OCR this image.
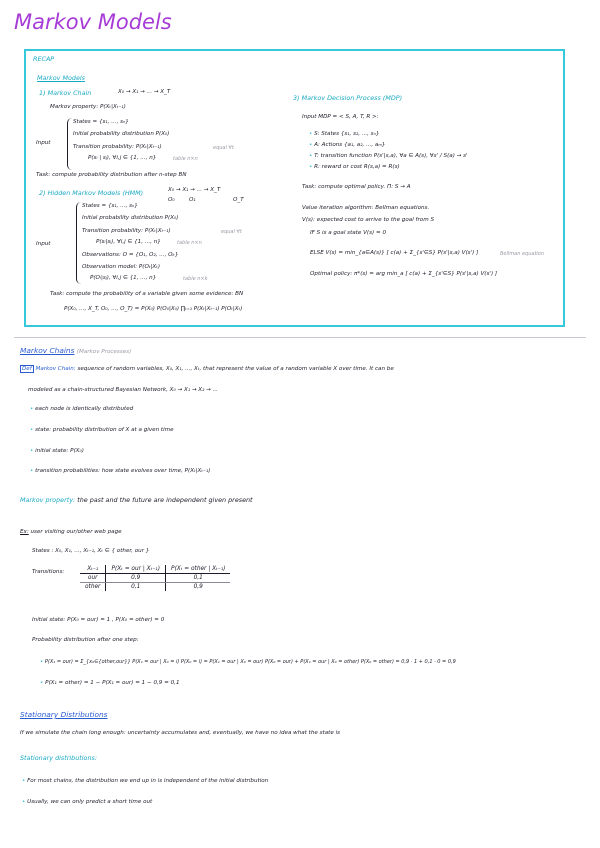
Markov Models
RECAP
Markov Models
1) Markov Chain	X₀ → X₁ → ... → X_T
Markov property: P(Xₜ|Xₜ₋₁)
Input
States = {s₁, ..., sₙ}
Initial probability distribution P(X₀)
Transition probability: P(Xₜ|Xₜ₋₁)	equal ∀t
P(sᵢ | sⱼ), ∀i,j ∈ {1, ..., n}	table n×n
Task: compute probability distribution after n-step BN
2) Hidden Markov Models (HMM)	X₀ → X₁ → ... → X_T
O₀	O₁	O_T
Input
States = {s₁, ..., sₙ}
Initial probability distribution P(X₀)
Transition probability: P(Xₜ|Xₜ₋₁)	equal ∀t
P(sᵢ|sⱼ), ∀i,j ∈ {1, ..., n}	table n×n
Observations: O = {O₁, O₂, ..., Oₖ}
Observation model: P(Oₜ|Xₜ)
P(Oᵢ|sⱼ), ∀i,j ∈ {1, ..., n}	table n×k
Task: compute the probability of a variable given some evidence: BN
P(X₀, ..., X_T, O₀, ..., O_T) = P(X₀) P(O₀|X₀) ∏ₜ₌₁ P(Xₜ|Xₜ₋₁) P(Oₜ|Xₜ)
3) Markov Decision Process (MDP)
Input MDP = < S, A, T, R >:
• S: States {s₁, s₂, ..., sₙ}
• A: Actions {a₁, a₂, ..., aₘ}
• T: transition function P(s'|s,a), ∀a ∈ A(s), ∀s' / S(a) → s'
• R: reward or cost R(s,a) = R(s)
Task: compute optimal policy. Π: S → A
Value iteration algorithm: Bellman equations.
V(s): expected cost to arrive to the goal from S
IF S is a goal state V(s) = 0
ELSE V(s) = min_{a∈A(s)} [ c(a) + Σ_{s'∈S} P(s'|s,a) V(s') ]	Bellman equation
Optimal policy: π*(s) = arg min_a [ c(a) + Σ_{s'∈S} P(s'|s,a) V(s') ]
Markov Chains (Markov Processes)
Def Markov Chain: sequence of random variables, X₀, X₁, ..., Xₜ, that represent the value of a random variable X over time. It can be
modeled as a chain-structured Bayesian Network, X₀ → X₁ → X₂ → ...
• each node is identically distributed
• state: probability distribution of X at a given time
• initial state: P(X₀)
• transition probabilities: how state evolves over time, P(Xₜ|Xₜ₋₁)
Markov property: the past and the future are independent given present
Ex: user visiting our/other web page
States : X₀, X₁, ..., Xₜ₋₁, Xₜ ∈ { other, our }
Transitions:	Xₜ₋₁	P(Xₜ = our | Xₜ₋₁)	P(Xₜ = other | Xₜ₋₁)
our	0,9	0,1
other	0,1	0,9
Initial state: P(X₀ = our) = 1 , P(X₀ = other) = 0
Probability distribution after one step:
• P(X₁ = our) = Σ_{x₀∈{other,our}} P(X₁ = our | X₀ = i) P(X₀ = i) = P(X₁ = our | X₀ = our) P(X₀ = our) + P(X₁ = our | X₀ = other) P(X₀ = other) = 0,9 · 1 + 0,1 · 0 = 0,9
• P(X₁ = other) = 1 − P(X₁ = our) = 1 − 0,9 = 0,1
Stationary Distributions
If we simulate the chain long enough: uncertainty accumulates and, eventually, we have no idea what the state is
Stationary distributions:
• For most chains, the distribution we end up in is independent of the initial distribution
• Usually, we can only predict a short time out
